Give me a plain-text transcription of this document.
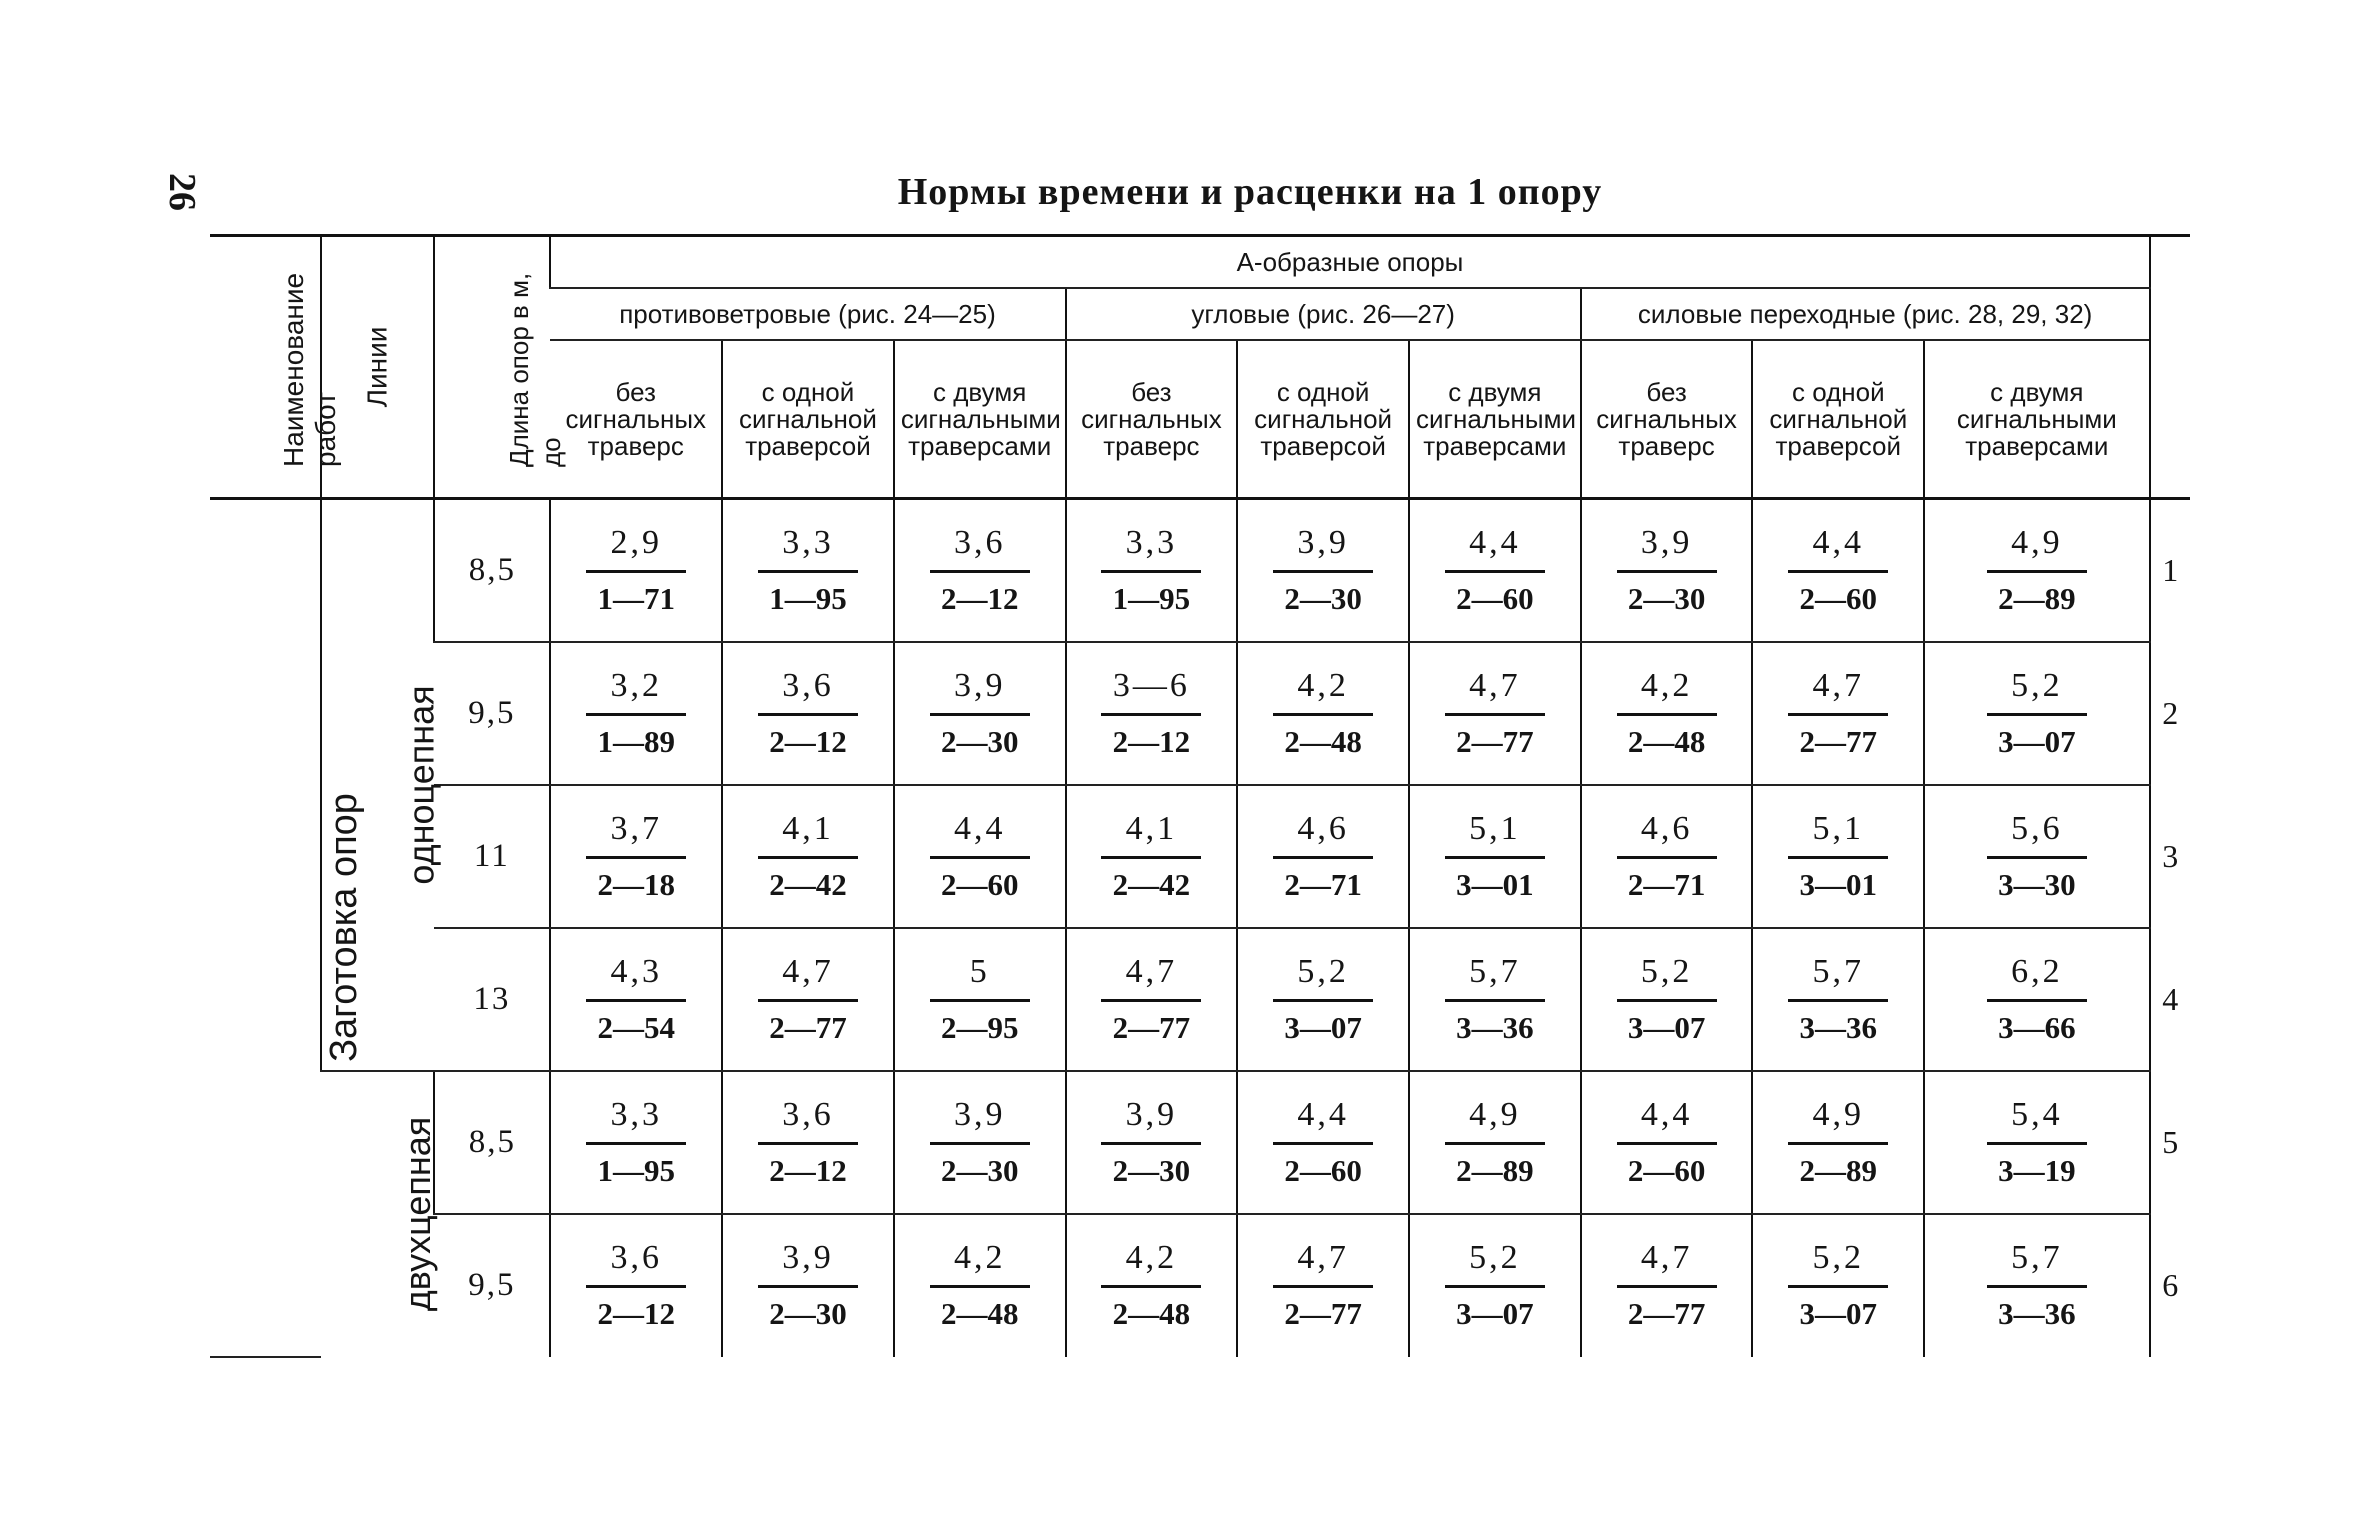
26	Нормы времени и расценки на 1 опору
Наименование работ	Линии	Длина опор в м, до	А-образные опоры									
			противоветровые (рис. 24—25)			угловые (рис. 26—27)			силовые переходные (рис. 28, 29, 32)			
			без сигнальных траверс	с одной сигнальной траверсой	с двумя сигнальными траверсами	без сигнальных траверс	с одной сигнальной траверсой	с двумя сигнальными траверсами	без сигнальных траверс	с одной сигнальной траверсой	с двумя сигнальными траверсами	
Заготовка опор	одноцепная	8,5	$\frac{2,9}{1—71}$	$\frac{3,3}{1—95}$	$\frac{3,6}{2—12}$	$\frac{3,3}{1—95}$	$\frac{3,9}{2—30}$	$\frac{4,4}{2—60}$	$\frac{3,9}{2—30}$	$\frac{4,4}{2—60}$	$\frac{4,9}{2—89}$	1
		9,5	$\frac{3,2}{1—89}$	$\frac{3,6}{2—12}$	$\frac{3,9}{2—30}$	$\frac{3—6}{2—12}$	$\frac{4,2}{2—48}$	$\frac{4,7}{2—77}$	$\frac{4,2}{2—48}$	$\frac{4,7}{2—77}$	$\frac{5,2}{3—07}$	2
		11	$\frac{3,7}{2—18}$	$\frac{4,1}{2—42}$	$\frac{4,4}{2—60}$	$\frac{4,1}{2—42}$	$\frac{4,6}{2—71}$	$\frac{5,1}{3—01}$	$\frac{4,6}{2—71}$	$\frac{5,1}{3—01}$	$\frac{5,6}{3—30}$	3
		13	$\frac{4,3}{2—54}$	$\frac{4,7}{2—77}$	$\frac{5}{2—95}$	$\frac{4,7}{2—77}$	$\frac{5,2}{3—07}$	$\frac{5,7}{3—36}$	$\frac{5,2}{3—07}$	$\frac{5,7}{3—36}$	$\frac{6,2}{3—66}$	4
	двухцепная	8,5	$\frac{3,3}{1—95}$	$\frac{3,6}{2—12}$	$\frac{3,9}{2—30}$	$\frac{3,9}{2—30}$	$\frac{4,4}{2—60}$	$\frac{4,9}{2—89}$	$\frac{4,4}{2—60}$	$\frac{4,9}{2—89}$	$\frac{5,4}{3—19}$	5
		9,5	$\frac{3,6}{2—12}$	$\frac{3,9}{2—30}$	$\frac{4,2}{2—48}$	$\frac{4,2}{2—48}$	$\frac{4,7}{2—77}$	$\frac{5,2}{3—07}$	$\frac{4,7}{2—77}$	$\frac{5,2}{3—07}$	$\frac{5,7}{3—36}$	6
